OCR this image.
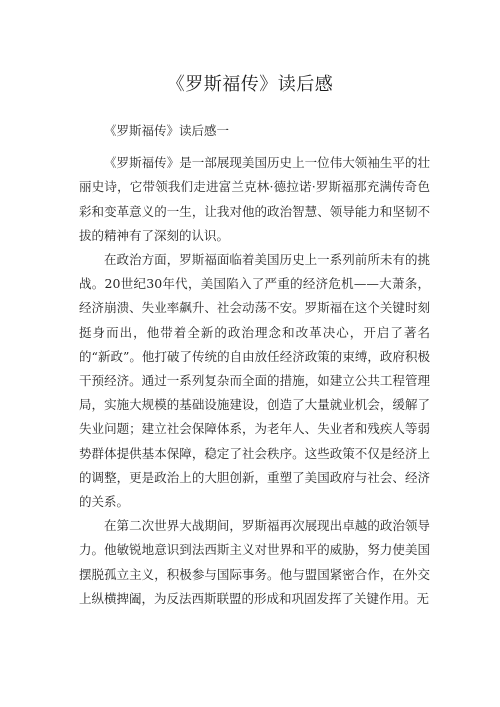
《罗斯福传》读后感

《罗斯福传》读后感一

《罗斯福传》是一部展现美国历史上一位伟大领袖生平的壮丽史诗，它带领我们走进富兰克林·德拉诺·罗斯福那充满传奇色彩和变革意义的一生，让我对他的政治智慧、领导能力和坚韧不拔的精神有了深刻的认识。

在政治方面，罗斯福面临着美国历史上一系列前所未有的挑战。20世纪30年代，美国陷入了严重的经济危机——大萧条，经济崩溃、失业率飙升、社会动荡不安。罗斯福在这个关键时刻挺身而出，他带着全新的政治理念和改革决心，开启了著名的“新政”。他打破了传统的自由放任经济政策的束缚，政府积极干预经济。通过一系列复杂而全面的措施，如建立公共工程管理局，实施大规模的基础设施建设，创造了大量就业机会，缓解了失业问题；建立社会保障体系，为老年人、失业者和残疾人等弱势群体提供基本保障，稳定了社会秩序。这些政策不仅是经济上的调整，更是政治上的大胆创新，重塑了美国政府与社会、经济的关系。

在第二次世界大战期间，罗斯福再次展现出卓越的政治领导力。他敏锐地意识到法西斯主义对世界和平的威胁，努力使美国摆脱孤立主义，积极参与国际事务。他与盟国紧密合作，在外交上纵横捭阖，为反法西斯联盟的形成和巩固发挥了关键作用。无
